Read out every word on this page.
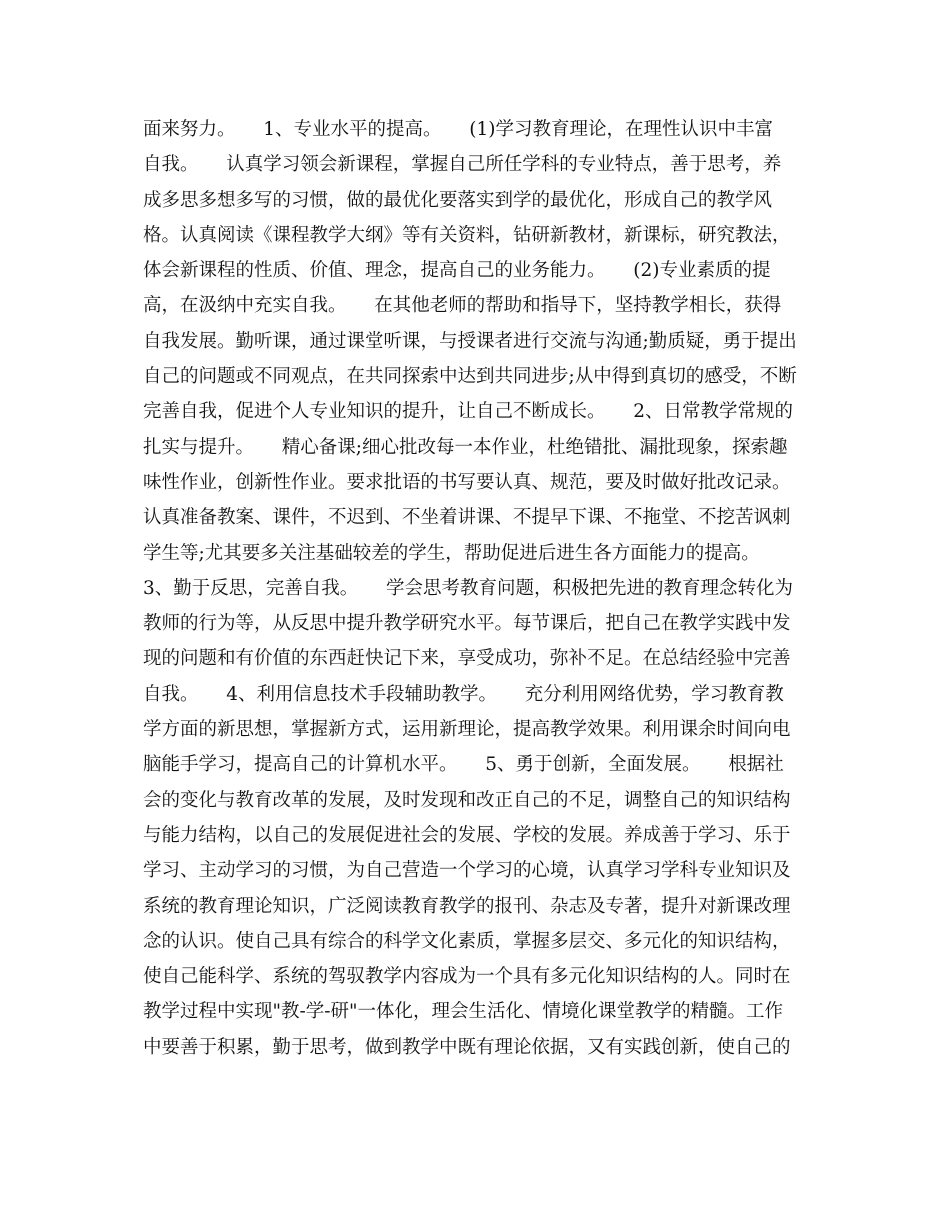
面来努力。　　1、专业水平的提高。　　(1)学习教育理论，在理性认识中丰富
自我。　　认真学习领会新课程，掌握自己所任学科的专业特点，善于思考，养
成多思多想多写的习惯，做的最优化要落实到学的最优化，形成自己的教学风
格。认真阅读《课程教学大纲》等有关资料，钻研新教材，新课标，研究教法，
体会新课程的性质、价值、理念，提高自己的业务能力。　　(2)专业素质的提
高，在汲纳中充实自我。　　在其他老师的帮助和指导下，坚持教学相长，获得
自我发展。勤听课，通过课堂听课，与授课者进行交流与沟通;勤质疑，勇于提出
自己的问题或不同观点，在共同探索中达到共同进步;从中得到真切的感受，不断
完善自我，促进个人专业知识的提升，让自己不断成长。　　2、日常教学常规的
扎实与提升。　　精心备课;细心批改每一本作业，杜绝错批、漏批现象，探索趣
味性作业，创新性作业。要求批语的书写要认真、规范，要及时做好批改记录。
认真准备教案、课件，不迟到、不坐着讲课、不提早下课、不拖堂、不挖苦讽刺
学生等;尤其要多关注基础较差的学生，帮助促进后进生各方面能力的提高。
3、勤于反思，完善自我。　　学会思考教育问题，积极把先进的教育理念转化为
教师的行为等，从反思中提升教学研究水平。每节课后，把自己在教学实践中发
现的问题和有价值的东西赶快记下来，享受成功，弥补不足。在总结经验中完善
自我。　　4、利用信息技术手段辅助教学。　　充分利用网络优势，学习教育教
学方面的新思想，掌握新方式，运用新理论，提高教学效果。利用课余时间向电
脑能手学习，提高自己的计算机水平。　　5、勇于创新，全面发展。　　根据社
会的变化与教育改革的发展，及时发现和改正自己的不足，调整自己的知识结构
与能力结构，以自己的发展促进社会的发展、学校的发展。养成善于学习、乐于
学习、主动学习的习惯，为自己营造一个学习的心境，认真学习学科专业知识及
系统的教育理论知识，广泛阅读教育教学的报刊、杂志及专著，提升对新课改理
念的认识。使自己具有综合的科学文化素质，掌握多层交、多元化的知识结构，
使自己能科学、系统的驾驭教学内容成为一个具有多元化知识结构的人。同时在
教学过程中实现"教-学-研"一体化，理会生活化、情境化课堂教学的精髓。工作
中要善于积累，勤于思考，做到教学中既有理论依据，又有实践创新，使自己的
